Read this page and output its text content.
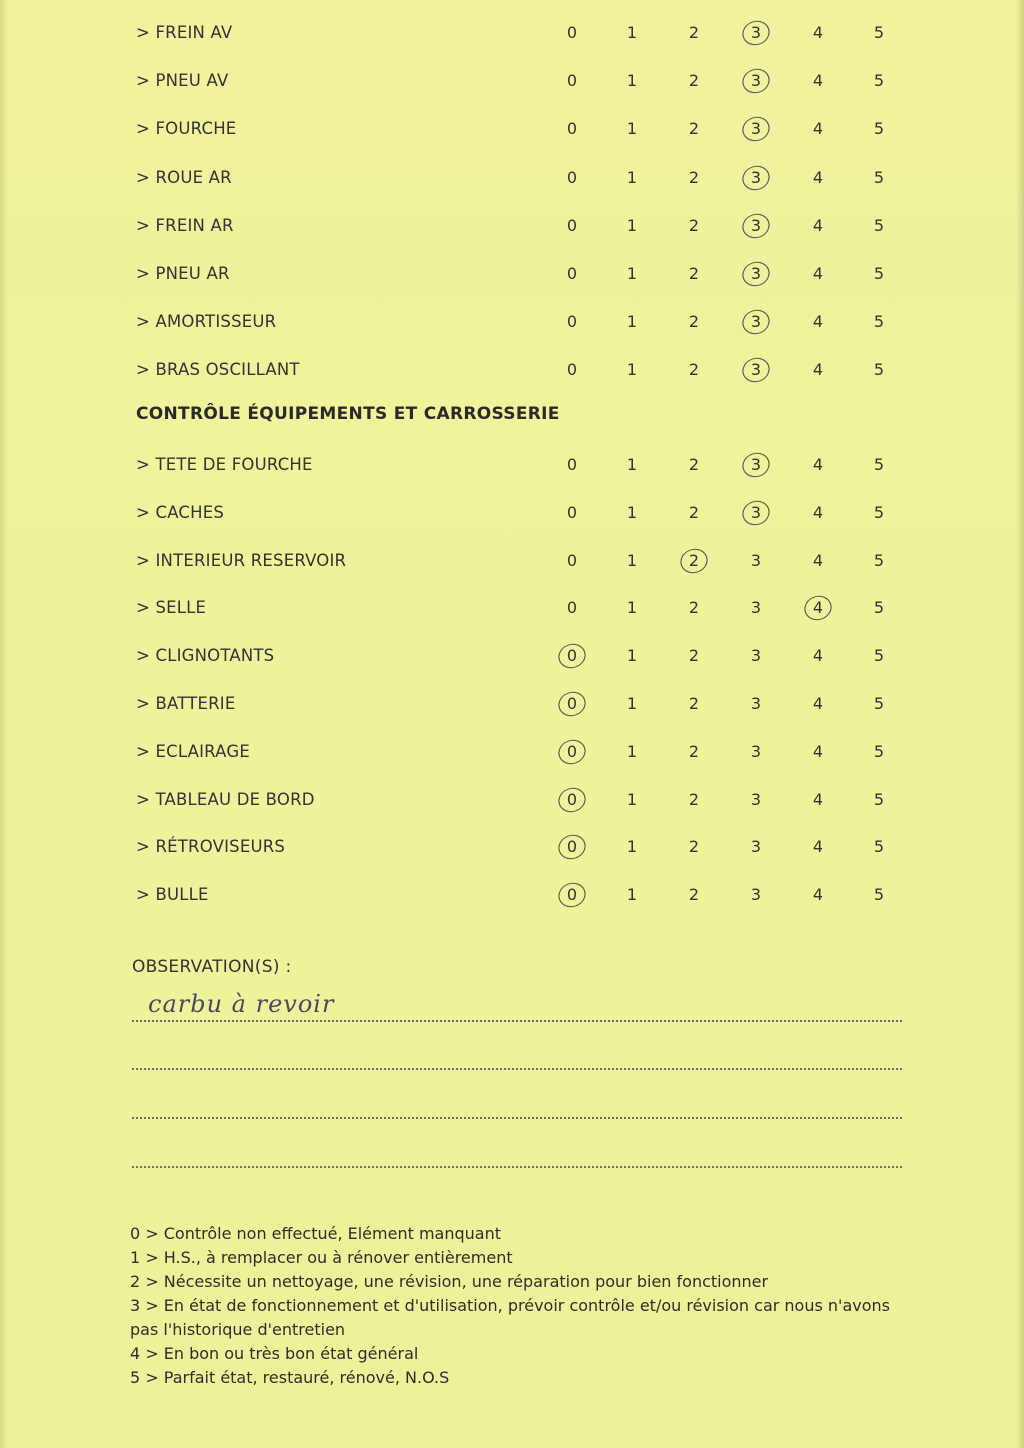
> FREIN AV	0	1	2	3	4	5
> PNEU AV	0	1	2	3	4	5
> FOURCHE	0	1	2	3	4	5
> ROUE AR	0	1	2	3	4	5
> FREIN AR	0	1	2	3	4	5
> PNEU AR	0	1	2	3	4	5
> AMORTISSEUR	0	1	2	3	4	5
> BRAS OSCILLANT	0	1	2	3	4	5
CONTRÔLE ÉQUIPEMENTS ET CARROSSERIE
> TETE DE FOURCHE	0	1	2	3	4	5
> CACHES	0	1	2	3	4	5
> INTERIEUR RESERVOIR	0	1	2	3	4	5
> SELLE	0	1	2	3	4	5
> CLIGNOTANTS	0	1	2	3	4	5
> BATTERIE	0	1	2	3	4	5
> ECLAIRAGE	0	1	2	3	4	5
> TABLEAU DE BORD	0	1	2	3	4	5
> RÉTROVISEURS	0	1	2	3	4	5
> BULLE	0	1	2	3	4	5
OBSERVATION(S) :
carbu à revoir
0 > Contrôle non effectué, Elément manquant
1 > H.S., à remplacer ou à rénover entièrement
2 > Nécessite un nettoyage, une révision, une réparation pour bien fonctionner
3 > En état de fonctionnement et d'utilisation, prévoir contrôle et/ou révision car nous n'avons pas l'historique d'entretien
4 > En bon ou très bon état général
5 > Parfait état, restauré, rénové, N.O.S
